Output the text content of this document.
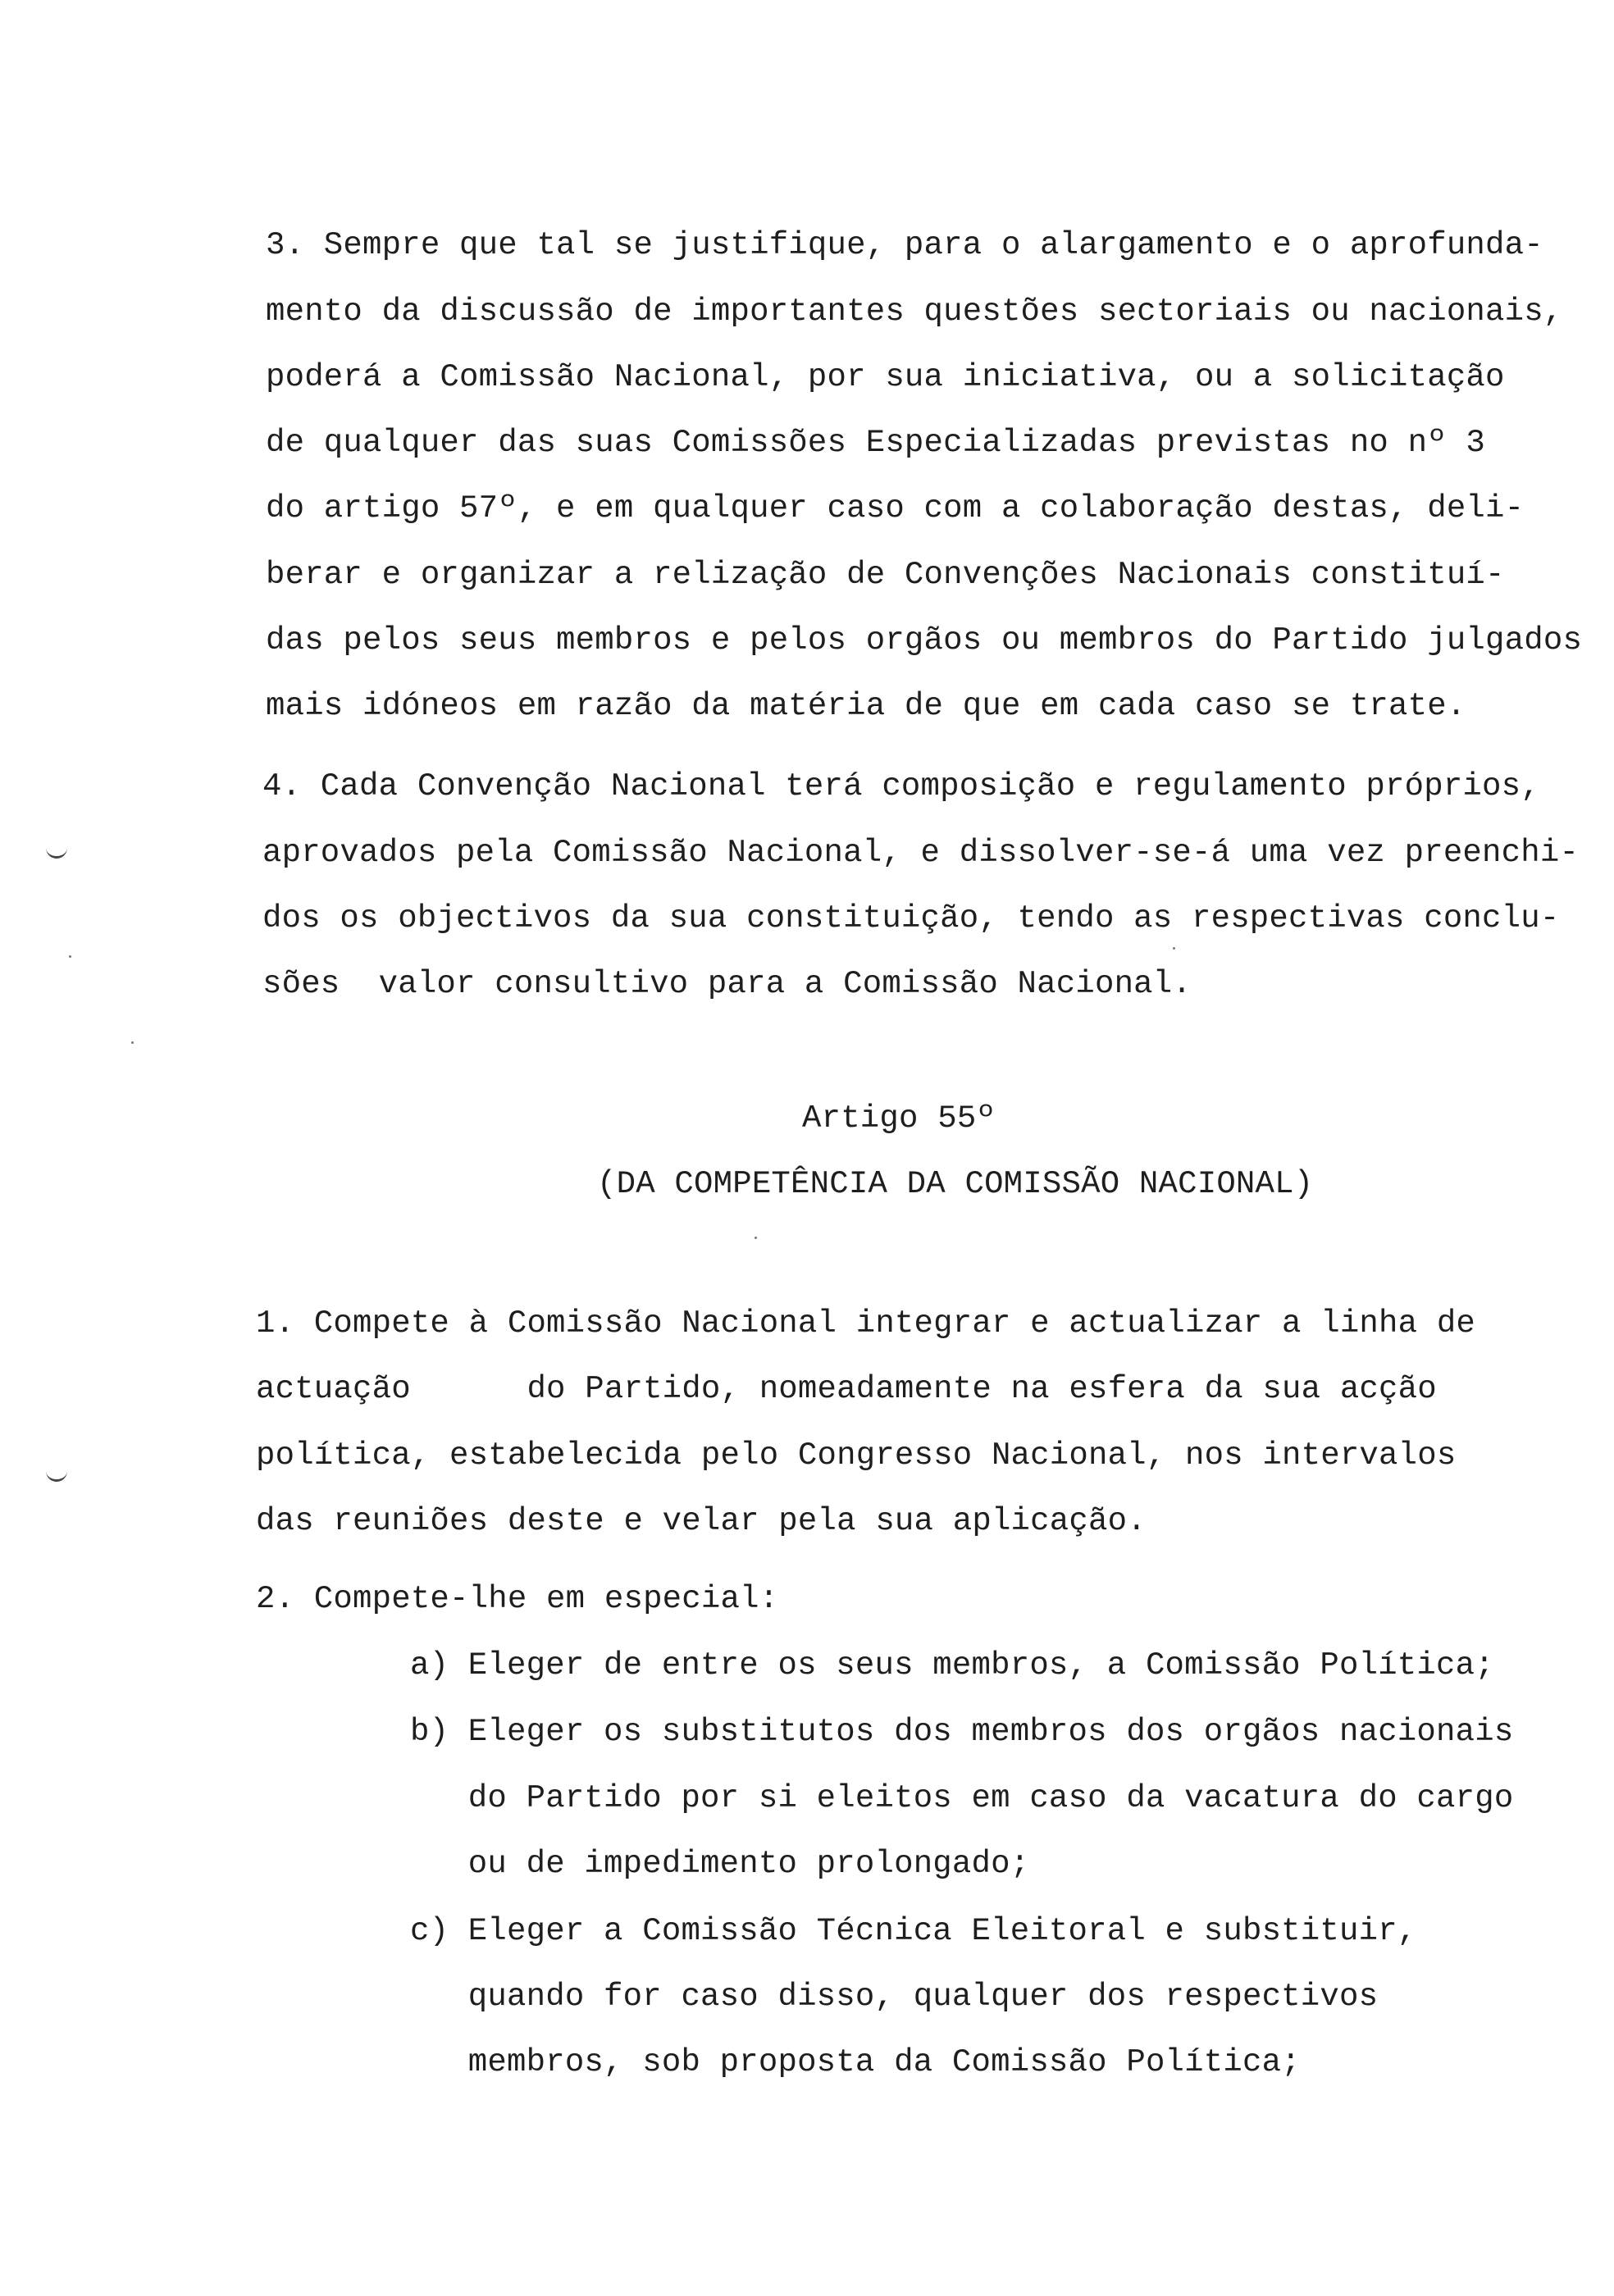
3. Sempre que tal se justifique, para o alargamento e o aprofunda-
mento da discussão de importantes questões sectoriais ou nacionais,
poderá a Comissão Nacional, por sua iniciativa, ou a solicitação
de qualquer das suas Comissões Especializadas previstas no nº 3
do artigo 57º, e em qualquer caso com a colaboração destas, deli-
berar e organizar a relização de Convenções Nacionais constituí-
das pelos seus membros e pelos orgãos ou membros do Partido julgados
mais idóneos em razão da matéria de que em cada caso se trate.
4. Cada Convenção Nacional terá composição e regulamento próprios,
aprovados pela Comissão Nacional, e dissolver-se-á uma vez preenchi-
dos os objectivos da sua constituição, tendo as respectivas conclu-
sões  valor consultivo para a Comissão Nacional.
Artigo 55º
(DA COMPETÊNCIA DA COMISSÃO NACIONAL)
1. Compete à Comissão Nacional integrar e actualizar a linha de
actuação      do Partido, nomeadamente na esfera da sua acção
política, estabelecida pelo Congresso Nacional, nos intervalos
das reuniões deste e velar pela sua aplicação.
2. Compete-lhe em especial:
a) Eleger de entre os seus membros, a Comissão Política;
b) Eleger os substitutos dos membros dos orgãos nacionais
do Partido por si eleitos em caso da vacatura do cargo
ou de impedimento prolongado;
c) Eleger a Comissão Técnica Eleitoral e substituir,
quando for caso disso, qualquer dos respectivos
membros, sob proposta da Comissão Política;
